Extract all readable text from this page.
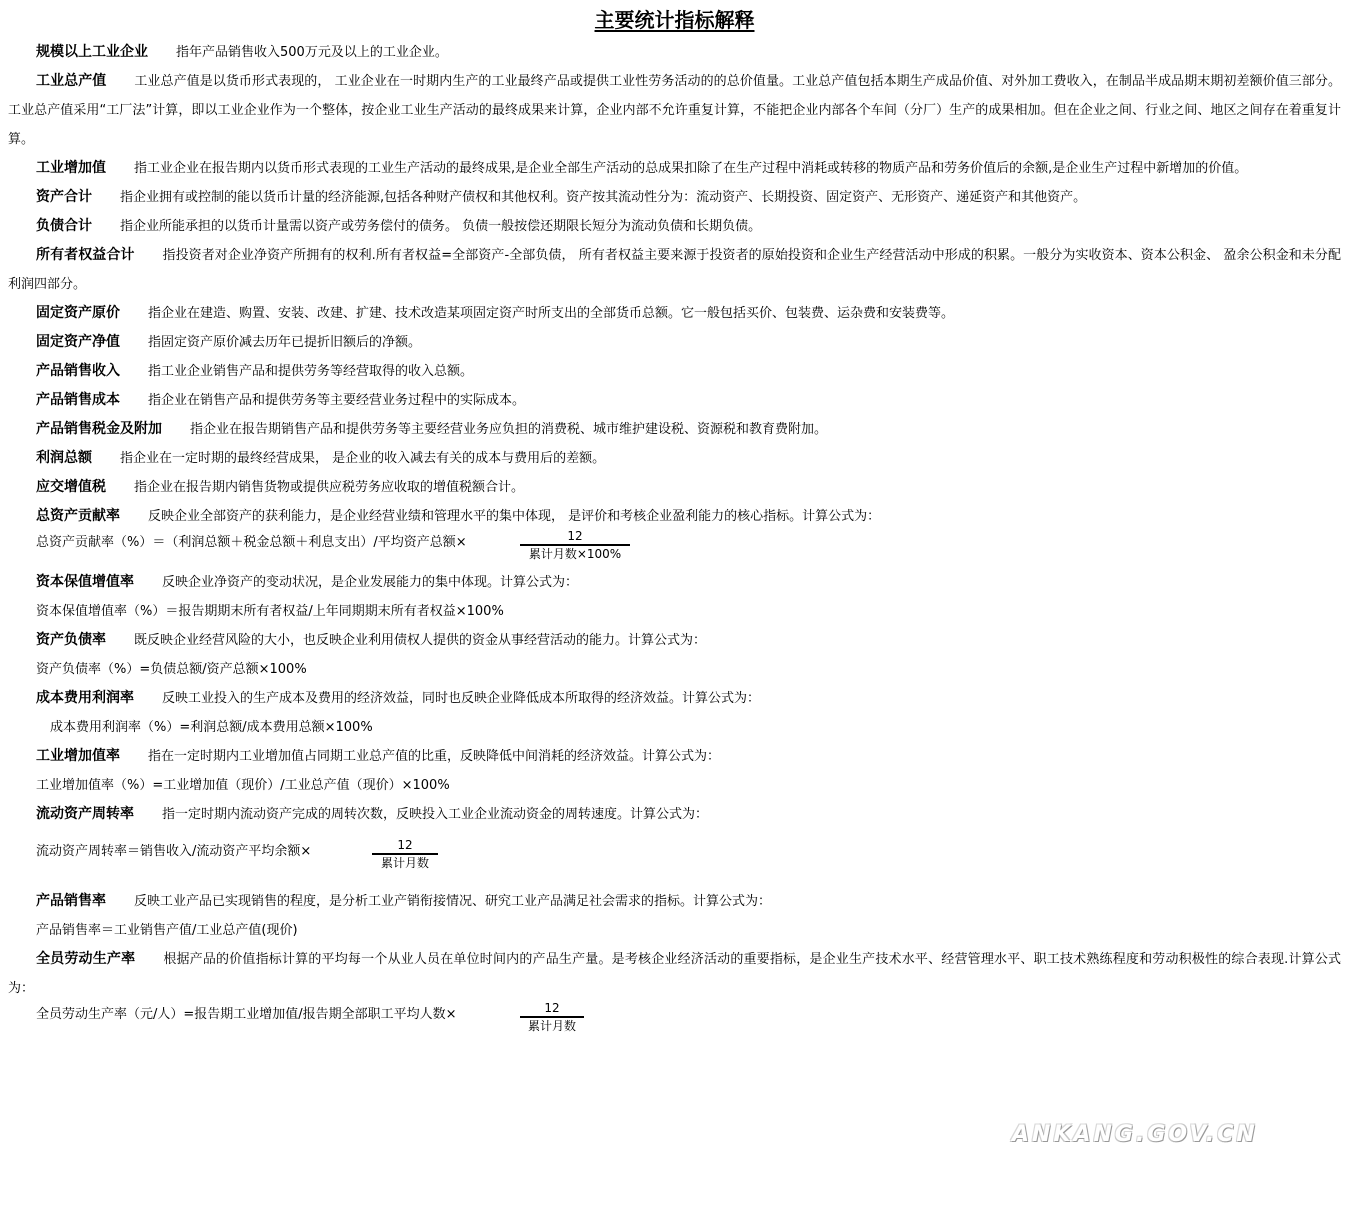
主要统计指标解释

规模以上工业企业 指年产品销售收入500万元及以上的工业企业。

工业总产值 工业总产值是以货币形式表现的， 工业企业在一时期内生产的工业最终产品或提供工业性劳务活动的的总价值量。工业总产值包括本期生产成品价值、对外加工费收入，在制品半成品期末期初差额价值三部分。工业总产值采用“工厂法”计算，即以工业企业作为一个整体，按企业工业生产活动的最终成果来计算，企业内部不允许重复计算，不能把企业内部各个车间（分厂）生产的成果相加。但在企业之间、行业之间、地区之间存在着重复计算。

工业增加值 指工业企业在报告期内以货币形式表现的工业生产活动的最终成果,是企业全部生产活动的总成果扣除了在生产过程中消耗或转移的物质产品和劳务价值后的余额,是企业生产过程中新增加的价值。

资产合计 指企业拥有或控制的能以货币计量的经济能源,包括各种财产债权和其他权利。资产按其流动性分为：流动资产、长期投资、固定资产、无形资产、递延资产和其他资产。

负债合计 指企业所能承担的以货币计量需以资产或劳务偿付的债务。 负债一般按偿还期限长短分为流动负债和长期负债。

所有者权益合计 指投资者对企业净资产所拥有的权利.所有者权益=全部资产-全部负债， 所有者权益主要来源于投资者的原始投资和企业生产经营活动中形成的积累。一般分为实收资本、资本公积金、 盈余公积金和未分配利润四部分。

固定资产原价 指企业在建造、购置、安装、改建、扩建、技术改造某项固定资产时所支出的全部货币总额。它一般包括买价、包装费、运杂费和安装费等。

固定资产净值 指固定资产原价减去历年已提折旧额后的净额。

产品销售收入 指工业企业销售产品和提供劳务等经营取得的收入总额。

产品销售成本 指企业在销售产品和提供劳务等主要经营业务过程中的实际成本。

产品销售税金及附加 指企业在报告期销售产品和提供劳务等主要经营业务应负担的消费税、城市维护建设税、资源税和教育费附加。

利润总额 指企业在一定时期的最终经营成果， 是企业的收入减去有关的成本与费用后的差额。

应交增值税 指企业在报告期内销售货物或提供应税劳务应收取的增值税额合计。

总资产贡献率 反映企业全部资产的获利能力，是企业经营业绩和管理水平的集中体现， 是评价和考核企业盈利能力的核心指标。计算公式为：

总资产贡献率（%）＝（利润总额＋税金总额＋利息支出）/平均资产总额×	12
累计月数×100%

资本保值增值率 反映企业净资产的变动状况，是企业发展能力的集中体现。计算公式为：

资本保值增值率（%）＝报告期期末所有者权益/上年同期期末所有者权益×100%

资产负债率 既反映企业经营风险的大小，也反映企业利用债权人提供的资金从事经营活动的能力。计算公式为：

资产负债率（%）=负债总额/资产总额×100%

成本费用利润率 反映工业投入的生产成本及费用的经济效益，同时也反映企业降低成本所取得的经济效益。计算公式为：

成本费用利润率（%）=利润总额/成本费用总额×100%

工业增加值率 指在一定时期内工业增加值占同期工业总产值的比重，反映降低中间消耗的经济效益。计算公式为：

工业增加值率（%）=工业增加值（现价）/工业总产值（现价）×100%

流动资产周转率 指一定时期内流动资产完成的周转次数，反映投入工业企业流动资金的周转速度。计算公式为：

流动资产周转率＝销售收入/流动资产平均余额×	12
累计月数

产品销售率 反映工业产品已实现销售的程度，是分析工业产销衔接情况、研究工业产品满足社会需求的指标。计算公式为：

产品销售率＝工业销售产值/工业总产值(现价)

全员劳动生产率 根据产品的价值指标计算的平均每一个从业人员在单位时间内的产品生产量。是考核企业经济活动的重要指标，是企业生产技术水平、经营管理水平、职工技术熟练程度和劳动积极性的综合表现.计算公式为：

全员劳动生产率（元/人）=报告期工业增加值/报告期全部职工平均人数×	12
累计月数
ANKANG.GOV.CN
